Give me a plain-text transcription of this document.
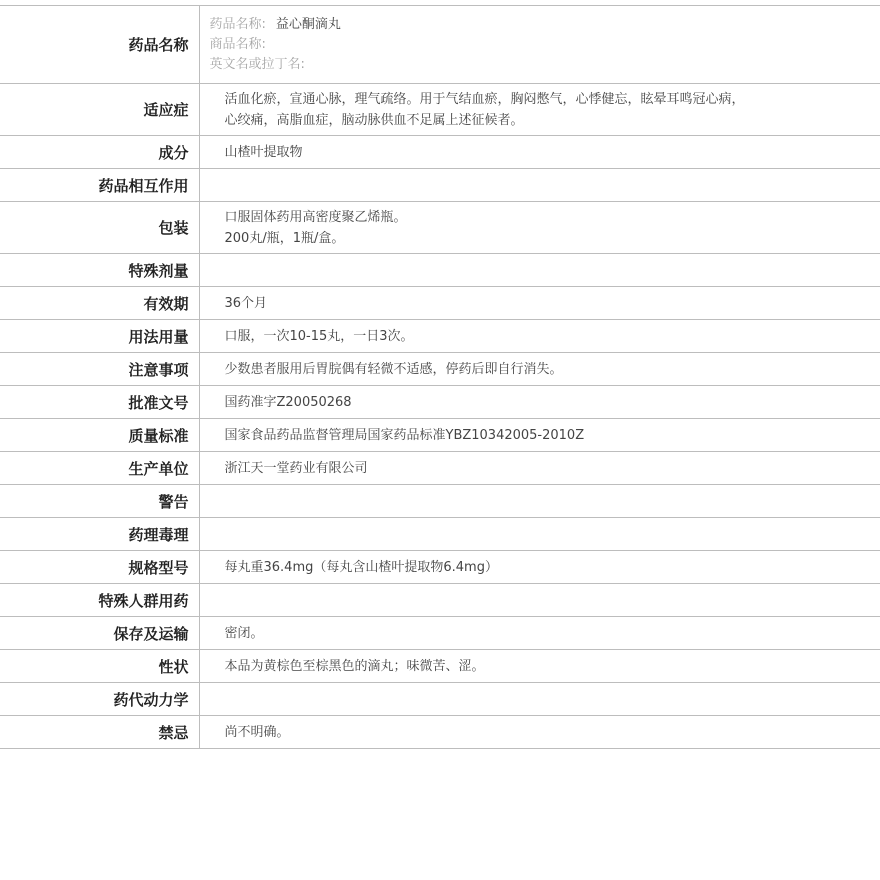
药品名称	药品名称: 益心酮滴丸
商品名称:
英文名或拉丁名:

适应症	活血化瘀，宣通心脉，理气疏络。用于气结血瘀，胸闷憋气，心悸健忘，眩晕耳鸣冠心病，
心绞痛，高脂血症，脑动脉供血不足属上述征候者。

成分	山楂叶提取物

药品相互作用	

包装	口服固体药用高密度聚乙烯瓶。
200丸/瓶，1瓶/盒。

特殊剂量	

有效期	36个月

用法用量	口服，一次10-15丸，一日3次。

注意事项	少数患者服用后胃脘偶有轻微不适感，停药后即自行消失。

批准文号	国药准字Z20050268

质量标准	国家食品药品监督管理局国家药品标准YBZ10342005-2010Z

生产单位	浙江天一堂药业有限公司

警告	

药理毒理	

规格型号	每丸重36.4mg（每丸含山楂叶提取物6.4mg）

特殊人群用药	

保存及运输	密闭。

性状	本品为黄棕色至棕黑色的滴丸；味微苦、涩。

药代动力学	

禁忌	尚不明确。
